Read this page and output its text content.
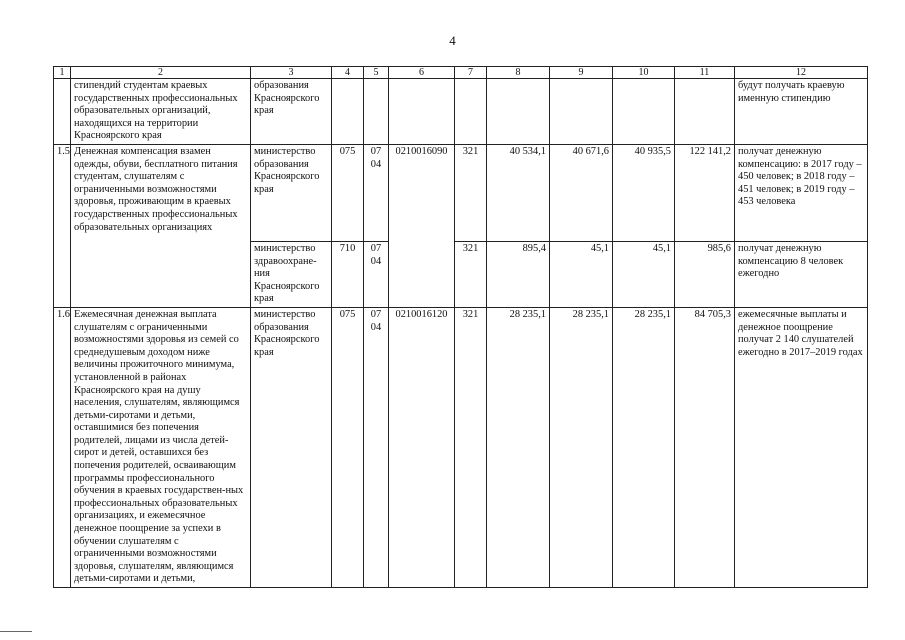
4
1	2	3	4	5	6	7	8	9	10	11	12
	стипендий студентам краевых государственных профессиональных образовательных организаций, находящихся на территории Красноярского края	образования Красноярского края									будут получать краевую именную стипендию
1.5	Денежная компенсация взамен одежды, обуви, бесплатного питания студентам, слушателям с ограниченными возможностями здоровья, проживающим в краевых государственных профессиональных образовательных организациях	министерство образования Красноярского края	075	07 04	0210016090	321	40 534,1	40 671,6	40 935,5	122 141,2	получат денежную компенсацию: в 2017 году – 450 человек; в 2018 году – 451 человек; в 2019 году – 453 человека
		министерство здравоохране-ния Красноярского края	710	07 04		321	895,4	45,1	45,1	985,6	получат денежную компенсацию 8 человек ежегодно
1.6	Ежемесячная денежная выплата слушателям с ограниченными возможностями здоровья из семей со среднедушевым доходом ниже величины прожиточного минимума, установленной в районах Красноярского края на душу населения, слушателям, являющимся детьми-сиротами и детьми, оставшимися без попечения родителей, лицами из числа детей-сирот и детей, оставшихся без попечения родителей, осваивающим программы профессионального обучения в краевых государствен-ных профессиональных образовательных организациях, и ежемесячное денежное поощрение за успехи в обучении слушателям с ограниченными возможностями здоровья, слушателям, являющимся детьми-сиротами и детьми,	министерство образования Красноярского края	075	07 04	0210016120	321	28 235,1	28 235,1	28 235,1	84 705,3	ежемесячные выплаты и денежное поощрение получат 2 140 слушателей ежегодно в 2017–2019 годах
